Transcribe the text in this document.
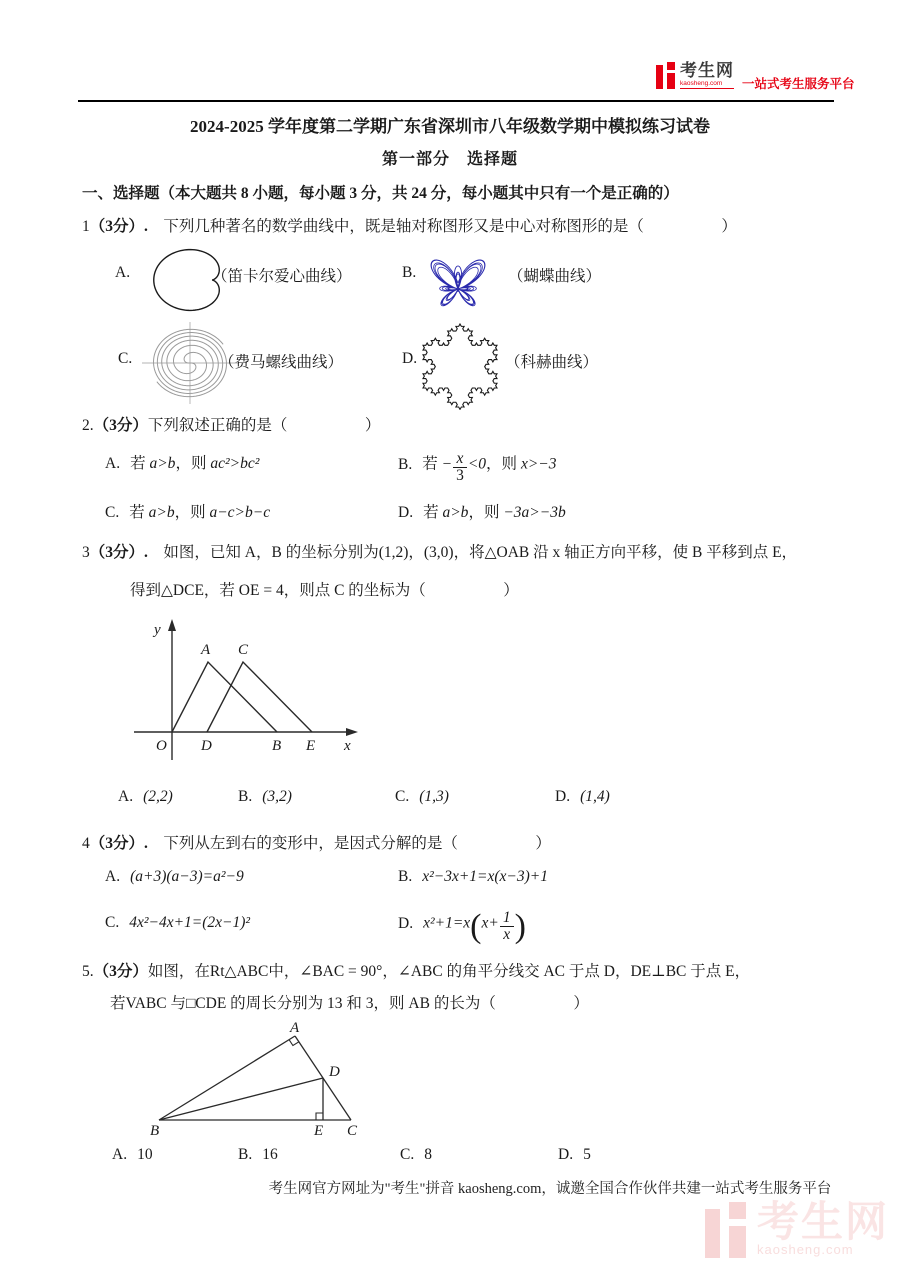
考生网
kaosheng.com	一站式考生服务平台
2024-2025 学年度第二学期广东省深圳市八年级数学期中模拟练习试卷
第一部分　选择题
一、选择题（本大题共 8 小题，每小题 3 分，共 24 分，每小题其中只有一个是正确的）
1（3分）.　 下列几种著名的数学曲线中，既是轴对称图形又是中心对称图形的是（　　　　　）
A.	（笛卡尔爱心曲线）	B.	（蝴蝶曲线）
C.	（费马螺线曲线）	D.	（科赫曲线）
2.（3分）下列叙述正确的是（　　　　　）
A. 若 a>b，则 ac²>bc²	B. 若 − $\frac{x}{3} <0$，则 x>−3
C. 若 a>b，则 a−c>b−c	D. 若 a>b，则 −3a>−3b
3（3分）.　 如图，已知 A，B 的坐标分别为(1,2)，(3,0)，将△OAB 沿 x 轴正方向平移，使 B 平移到点 E，
得到△DCE，若 OE = 4，则点 C 的坐标为（　　　　　）
y
x
O D	B E
A C
A. (2,2)	B. (3,2)	C. (1,3)	D. (1,4)
4（3分）.　 下列从左到右的变形中，是因式分解的是（　　　　　）
A. (a+3)(a−3)=a²−9	B. x²−3x+1=x(x−3)+1
C. 4x²−4x+1=(2x−1)²	D. $x^2+1=x(x+ \frac{1}{x}$ )
5.（3分）如图，在Rt△ABC中，∠BAC = 90°，∠ABC 的角平分线交 AC 于点 D，DE⊥BC 于点 E，
若VABC 与□CDE 的周长分别为 13 和 3，则 AB 的长为（　　　　　）
A
B	C
D
E
A. 10	B. 16	C. 8	D. 5
考生网官方网址为"考生"拼音 kaosheng.com，诚邀全国合作伙伴共建一站式考生服务平台
考生网
kaosheng.com
